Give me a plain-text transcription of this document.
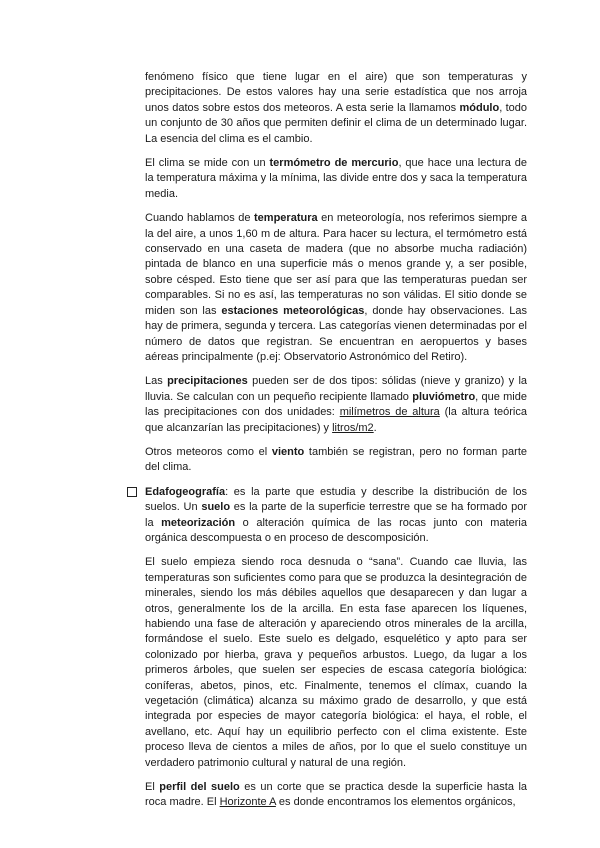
fenómeno físico que tiene lugar en el aire) que son temperaturas y precipitaciones. De estos valores hay una serie estadística que nos arroja unos datos sobre estos dos meteoros. A esta serie la llamamos módulo, todo un conjunto de 30 años que permiten definir el clima de un determinado lugar. La esencia del clima es el cambio.

El clima se mide con un termómetro de mercurio, que hace una lectura de la temperatura máxima y la mínima, las divide entre dos y saca la temperatura media.

Cuando hablamos de temperatura en meteorología, nos referimos siempre a la del aire, a unos 1,60 m de altura. Para hacer su lectura, el termómetro está conservado en una caseta de madera (que no absorbe mucha radiación) pintada de blanco en una superficie más o menos grande y, a ser posible, sobre césped. Esto tiene que ser así para que las temperaturas puedan ser comparables. Si no es así, las temperaturas no son válidas. El sitio donde se miden son las estaciones meteorológicas, donde hay observaciones. Las hay de primera, segunda y tercera. Las categorías vienen determinadas por el número de datos que registran. Se encuentran en aeropuertos y bases aéreas principalmente (p.ej: Observatorio Astronómico del Retiro).

Las precipitaciones pueden ser de dos tipos: sólidas (nieve y granizo) y la lluvia. Se calculan con un pequeño recipiente llamado pluviómetro, que mide las precipitaciones con dos unidades: milímetros de altura (la altura teórica que alcanzarían las precipitaciones) y litros/m2.

Otros meteoros como el viento también se registran, pero no forman parte del clima.

Edafogeografía: es la parte que estudia y describe la distribución de los suelos. Un suelo es la parte de la superficie terrestre que se ha formado por la meteorización o alteración química de las rocas junto con materia orgánica descompuesta o en proceso de descomposición.

El suelo empieza siendo roca desnuda o “sana”. Cuando cae lluvia, las temperaturas son suficientes como para que se produzca la desintegración de minerales, siendo los más débiles aquellos que desaparecen y dan lugar a otros, generalmente los de la arcilla. En esta fase aparecen los líquenes, habiendo una fase de alteración y apareciendo otros minerales de la arcilla, formándose el suelo. Este suelo es delgado, esquelético y apto para ser colonizado por hierba, grava y pequeños arbustos. Luego, da lugar a los primeros árboles, que suelen ser especies de escasa categoría biológica: coníferas, abetos, pinos, etc. Finalmente, tenemos el clímax, cuando la vegetación (climática) alcanza su máximo grado de desarrollo, y que está integrada por especies de mayor categoría biológica: el haya, el roble, el avellano, etc. Aquí hay un equilibrio perfecto con el clima existente. Este proceso lleva de cientos a miles de años, por lo que el suelo constituye un verdadero patrimonio cultural y natural de una región.

El perfil del suelo es un corte que se practica desde la superficie hasta la roca madre. El Horizonte A es donde encontramos los elementos orgánicos,
